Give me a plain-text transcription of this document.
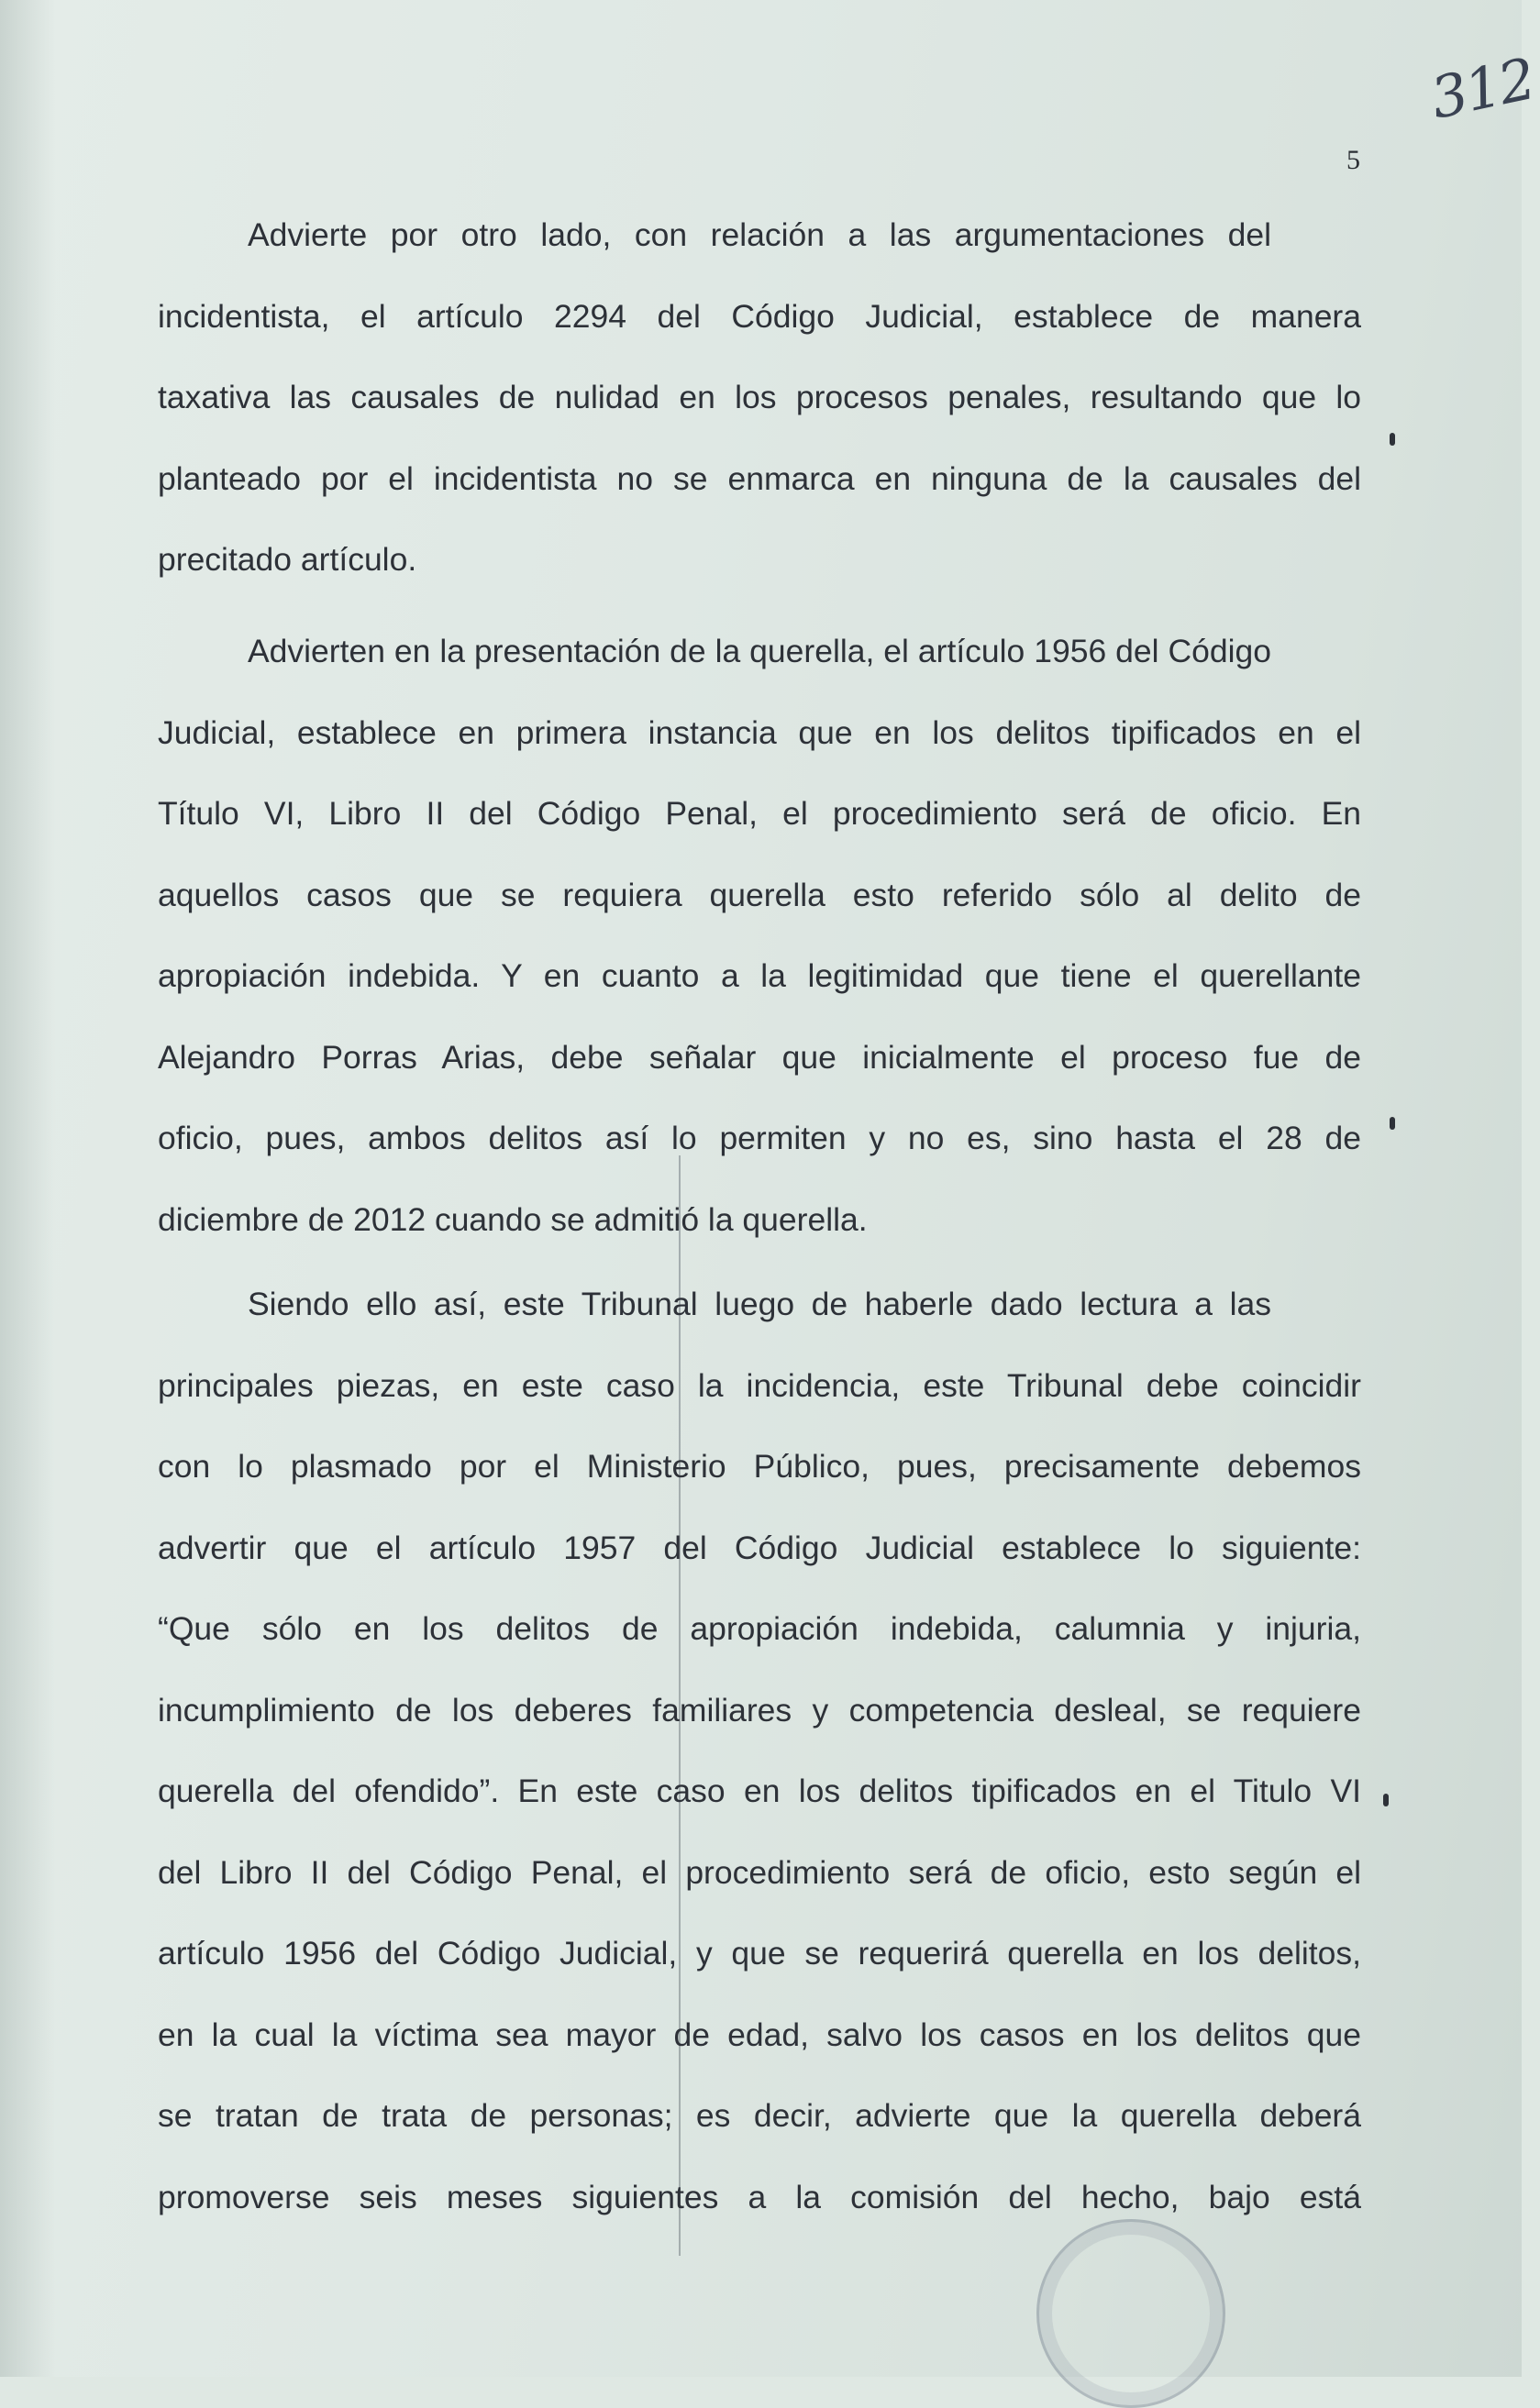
312
5
Advierte por otro lado, con relación a las argumentaciones del
incidentista, el artículo 2294 del Código Judicial, establece de manera
taxativa las causales de nulidad en los procesos penales, resultando que lo
planteado por el incidentista no se enmarca en ninguna de la causales del
precitado artículo.
Advierten en la presentación de la querella, el artículo 1956 del Código
Judicial, establece en primera instancia que en los delitos tipificados en el
Título VI, Libro II del Código Penal, el procedimiento será de oficio. En
aquellos casos que se requiera querella esto referido sólo al delito de
apropiación indebida. Y en cuanto a la legitimidad que tiene el querellante
Alejandro Porras Arias, debe señalar que inicialmente el proceso fue de
oficio, pues, ambos delitos así lo permiten y no es, sino hasta el 28 de
diciembre de 2012 cuando se admitió la querella.
Siendo ello así, este Tribunal luego de haberle dado lectura a las
principales piezas, en este caso la incidencia, este Tribunal debe coincidir
con lo plasmado por el Ministerio Público, pues, precisamente debemos
advertir que el artículo 1957 del Código Judicial establece lo siguiente:
“Que sólo en los delitos de apropiación indebida, calumnia y injuria,
incumplimiento de los deberes familiares y competencia desleal, se requiere
querella del ofendido”. En este caso en los delitos tipificados en el Titulo VI
del Libro II del Código Penal, el procedimiento será de oficio, esto según el
artículo 1956 del Código Judicial, y que se requerirá querella en los delitos,
en la cual la víctima sea mayor de edad, salvo los casos en los delitos que
se tratan de trata de personas; es decir, advierte que la querella deberá
promoverse seis meses siguientes a la comisión del hecho, bajo está
